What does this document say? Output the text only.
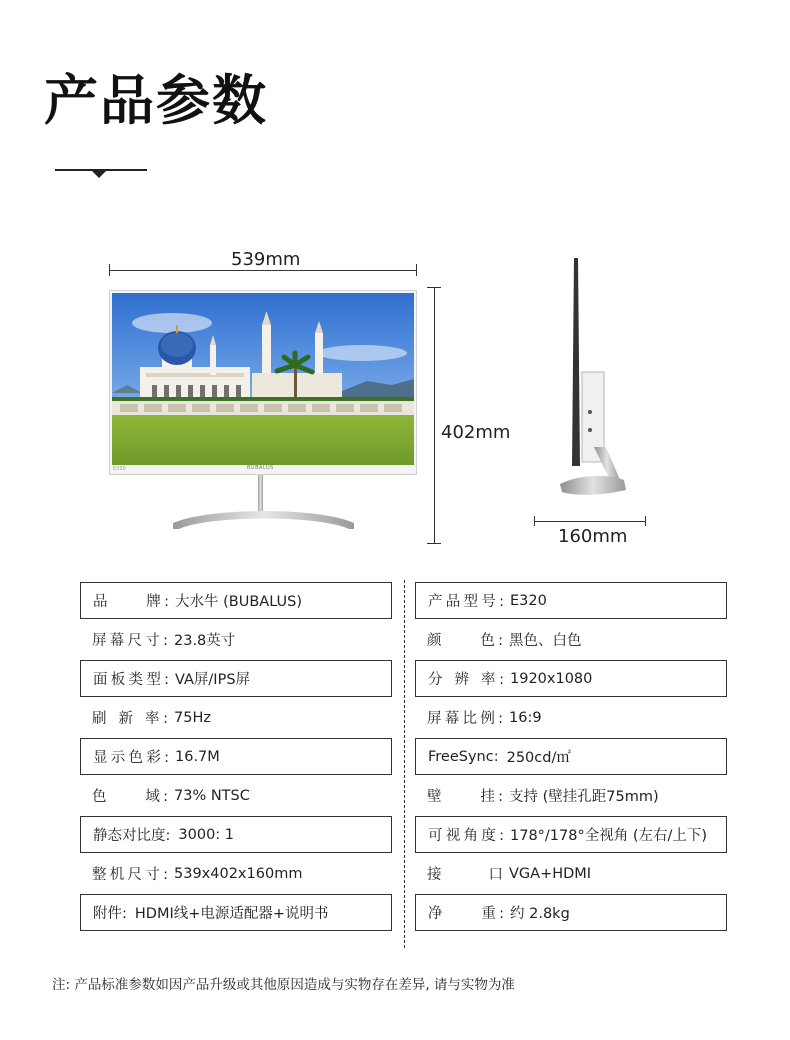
产品参数
539mm
402mm
E320	BUBALUS
160mm
品　　牌: 大水牛 (BUBALUS)
屏幕尺寸: 23.8英寸
面板类型: VA屏/IPS屏
刷 新 率: 75Hz
显示色彩: 16.7M
色　　域: 73% NTSC
静态对比度: 3000: 1
整机尺寸: 539x402x160mm
附件: HDMI线+电源适配器+说明书
产品型号: E320
颜　　色: 黑色、白色
分 辨 率: 1920x1080
屏幕比例: 16:9
FreeSync: 250cd/㎡
壁　　挂: 支持 (壁挂孔距75mm)
可视角度: 178°/178°全视角 (左右/上下)
接　　口 VGA+HDMI
净　　重: 约 2.8kg
注: 产品标准参数如因产品升级或其他原因造成与实物存在差异, 请与实物为准
